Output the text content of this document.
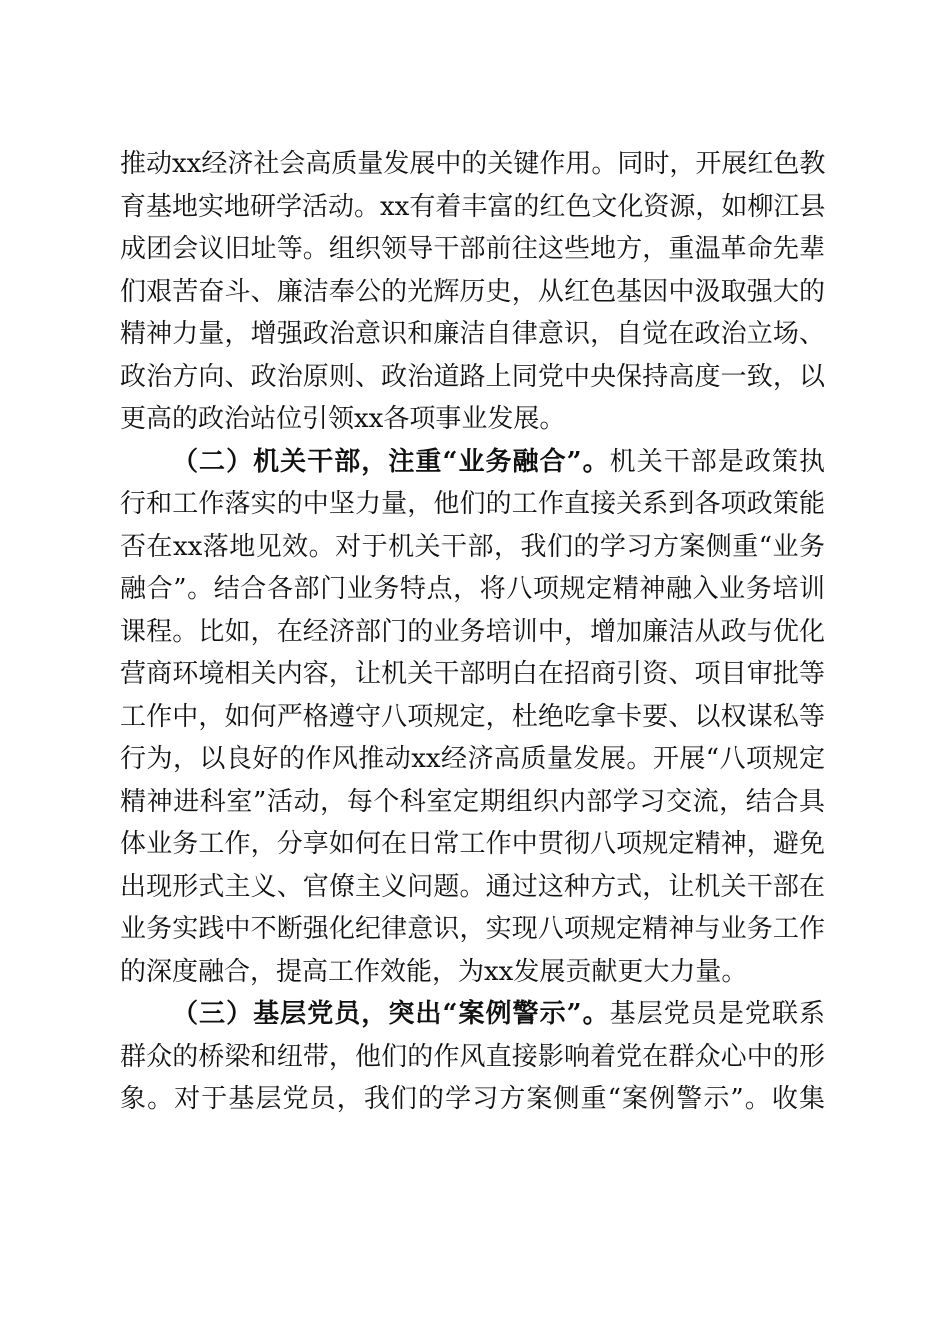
推动xx经济社会高质量发展中的关键作用。同时，开展红色教
育基地实地研学活动。xx有着丰富的红色文化资源，如柳江县
成团会议旧址等。组织领导干部前往这些地方，重温革命先辈
们艰苦奋斗、廉洁奉公的光辉历史，从红色基因中汲取强大的
精神力量，增强政治意识和廉洁自律意识，自觉在政治立场、
政治方向、政治原则、政治道路上同党中央保持高度一致，以
更高的政治站位引领xx各项事业发展。
（二）机关干部，注重“业务融合”。机关干部是政策执
行和工作落实的中坚力量，他们的工作直接关系到各项政策能
否在xx落地见效。对于机关干部，我们的学习方案侧重“业务
融合”。结合各部门业务特点，将八项规定精神融入业务培训
课程。比如，在经济部门的业务培训中，增加廉洁从政与优化
营商环境相关内容，让机关干部明白在招商引资、项目审批等
工作中，如何严格遵守八项规定，杜绝吃拿卡要、以权谋私等
行为，以良好的作风推动xx经济高质量发展。开展“八项规定
精神进科室”活动，每个科室定期组织内部学习交流，结合具
体业务工作，分享如何在日常工作中贯彻八项规定精神，避免
出现形式主义、官僚主义问题。通过这种方式，让机关干部在
业务实践中不断强化纪律意识，实现八项规定精神与业务工作
的深度融合，提高工作效能，为xx发展贡献更大力量。
（三）基层党员，突出“案例警示”。基层党员是党联系
群众的桥梁和纽带，他们的作风直接影响着党在群众心中的形
象。对于基层党员，我们的学习方案侧重“案例警示”。收集
